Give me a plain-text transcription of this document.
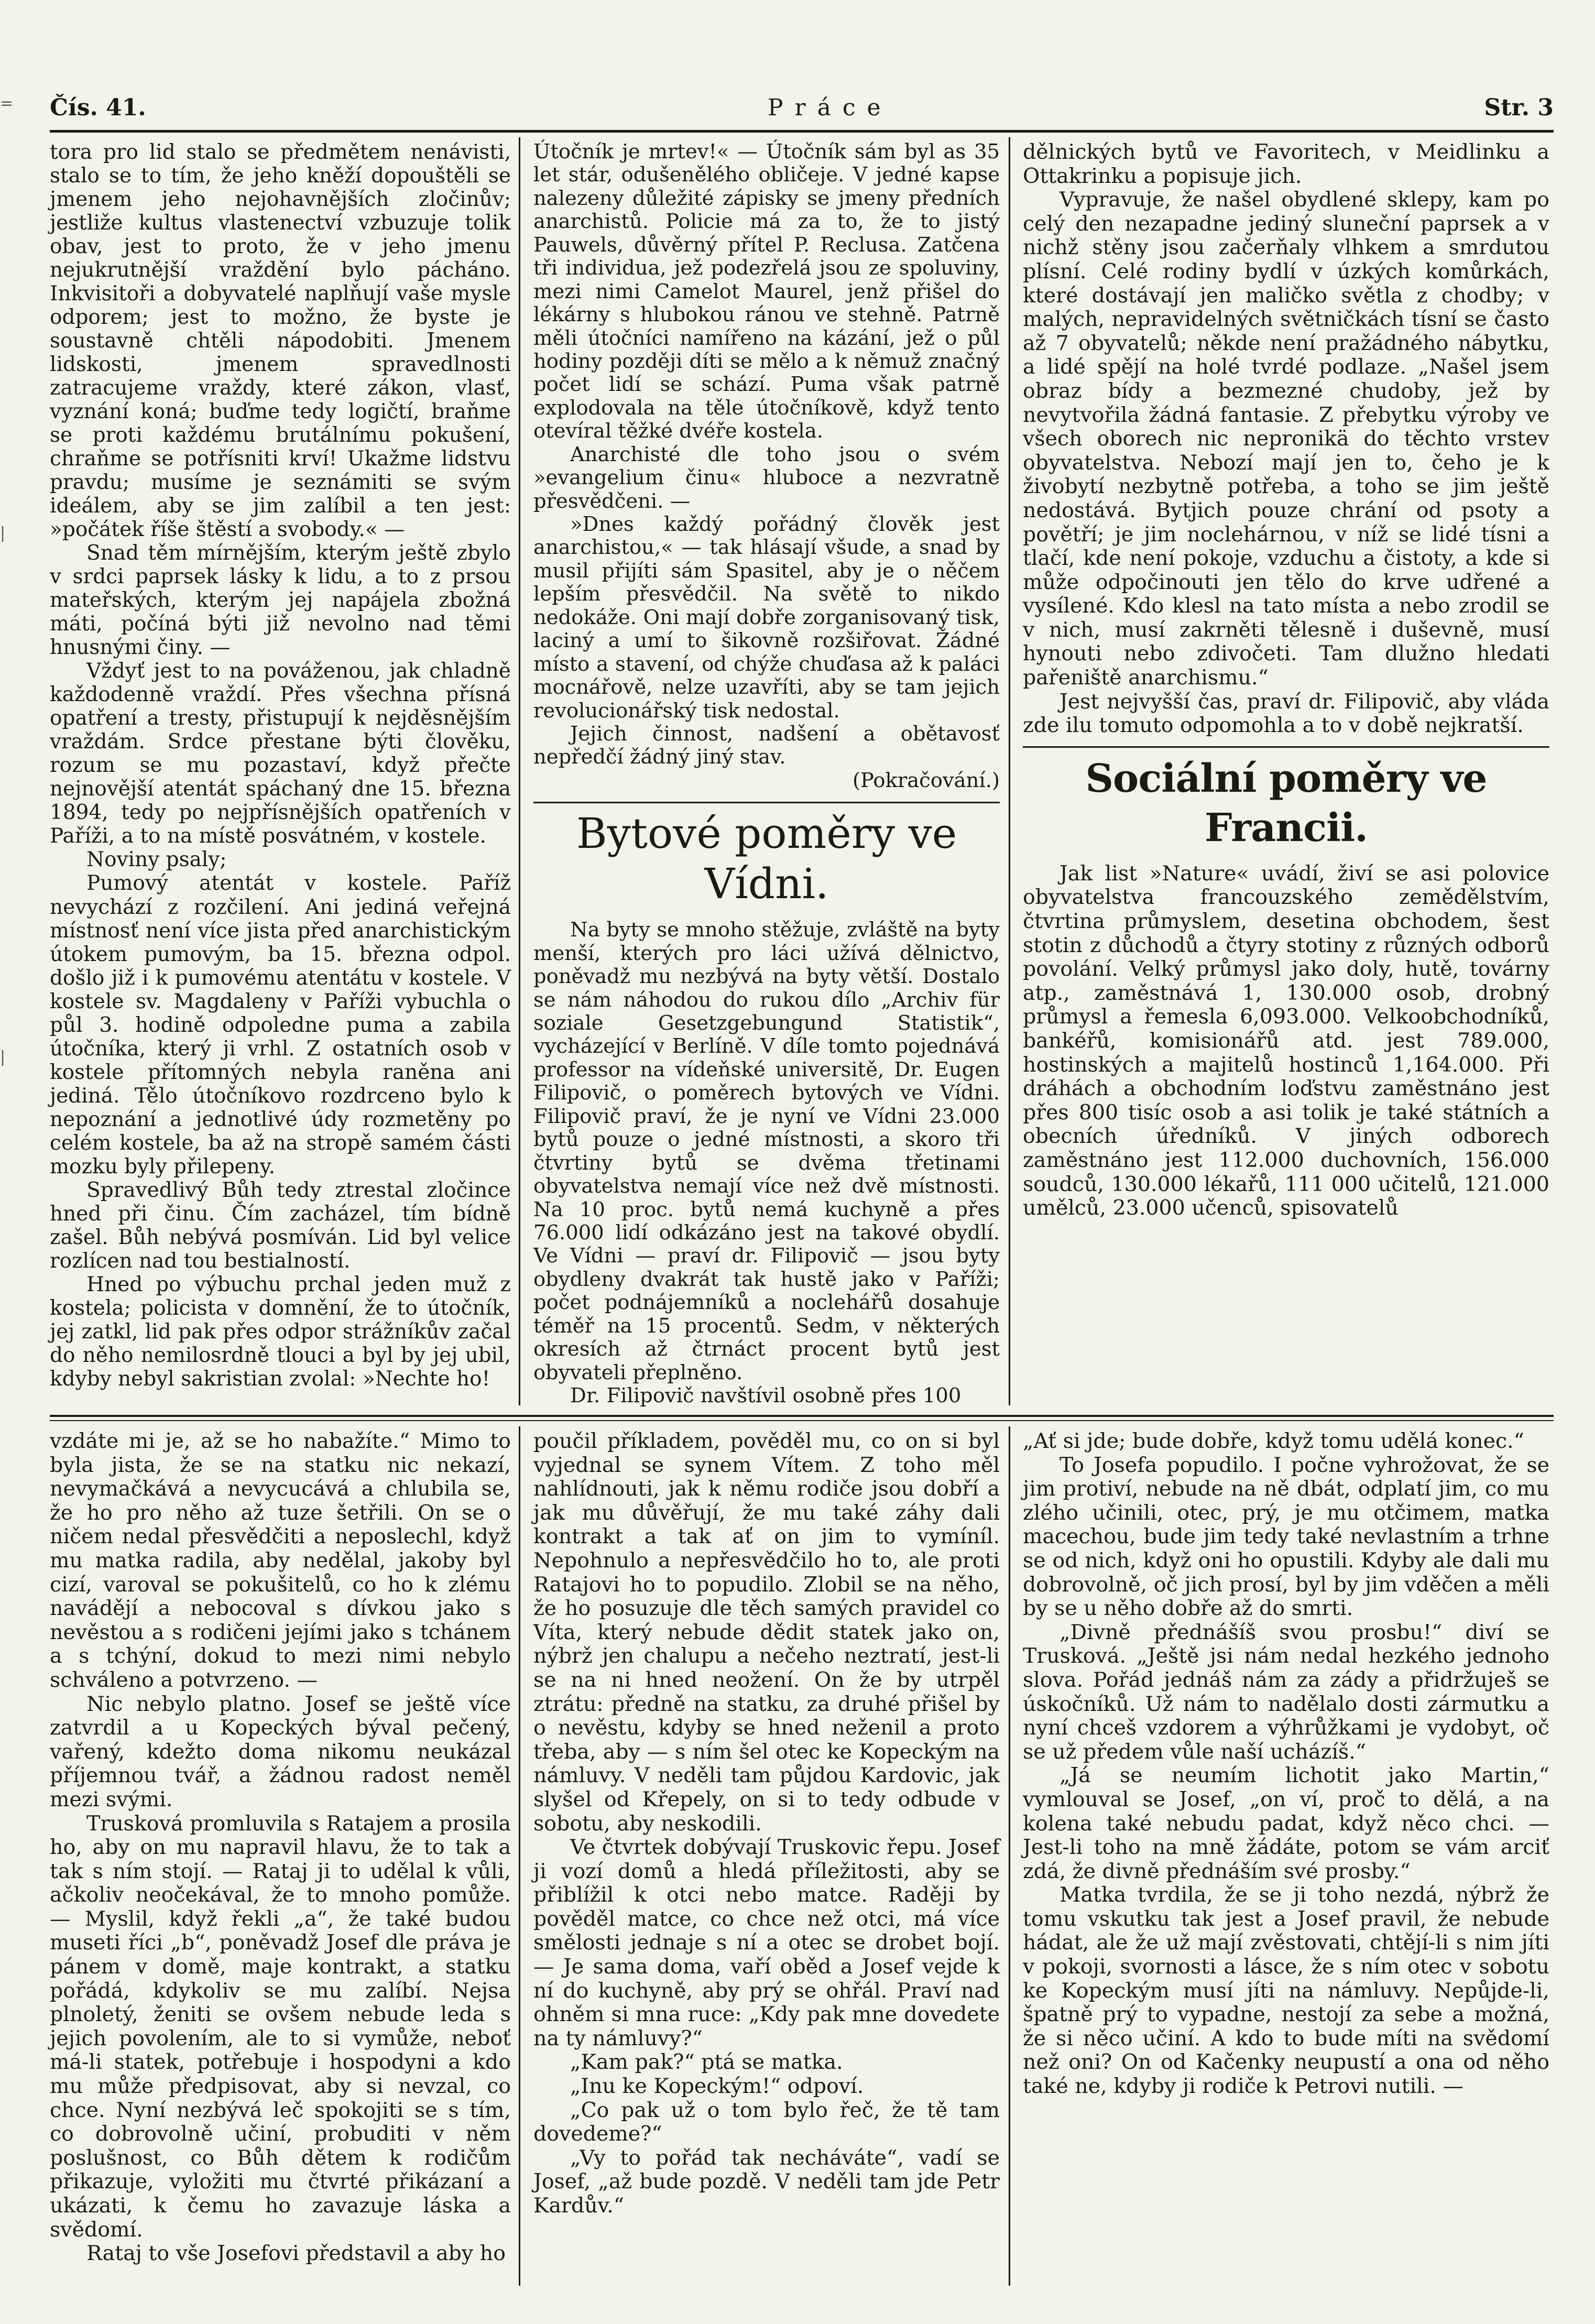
=
|
|
Čís. 41.	Práce	Str. 3

tora pro lid stalo se předmětem nenávisti, stalo se to tím, že jeho kněží dopouštěli se jmenem jeho nejohavnějších zločinův; jestliže kultus vlastenectví vzbuzuje tolik obav, jest to proto, že v jeho jmenu nejukrutnější vraždění bylo pácháno. Inkvisitoři a dobyvatelé naplňují vaše mysle odporem; jest to možno, že byste je soustavně chtěli nápodobiti. Jmenem lidskosti, jmenem spravedlnosti zatracujeme vraždy, které zákon, vlasť, vyznání koná; buďme tedy logičtí, braňme se proti každému brutálnímu pokušení, chraňme se potřísniti krví! Ukažme lidstvu pravdu; musíme je seznámiti se svým ideálem, aby se jim zalíbil a ten jest: »počátek říše štěstí a svobody.« —

Snad těm mírnějším, kterým ještě zbylo v srdci paprsek lásky k lidu, a to z prsou mateřských, kterým jej napájela zbožná máti, počíná býti již nevolno nad těmi hnusnými činy. —

Vždyť jest to na pováženou, jak chladně každodenně vraždí. Přes všechna přísná opatření a tresty, přistupují k nejděsnějším vraždám. Srdce přestane býti člověku, rozum se mu pozastaví, když přečte nejnovější atentát spáchaný dne 15. března 1894, tedy po nejpřísnějších opatřeních v Paříži, a to na místě posvátném, v kostele.

Noviny psaly;

Pumový atentát v kostele. Paříž nevychází z rozčilení. Ani jediná veřejná místnosť není více jista před anarchistickým útokem pumovým, ba 15. března odpol. došlo již i k pumovému atentátu v kostele. V kostele sv. Magdaleny v Paříži vybuchla o půl 3. hodině odpoledne puma a zabila útočníka, který ji vrhl. Z ostatních osob v kostele přítomných nebyla raněna ani jediná. Tělo útočníkovo rozdrceno bylo k nepoznání a jednotlivé údy rozmetěny po celém kostele, ba až na stropě samém části mozku byly přilepeny.

Spravedlivý Bůh tedy ztrestal zločince hned při činu. Čím zacházel, tím bídně zašel. Bůh nebývá posmíván. Lid byl velice rozlícen nad tou bestialností.

Hned po výbuchu prchal jeden muž z kostela; policista v domnění, že to útočník, jej zatkl, lid pak přes odpor strážníkův začal do něho nemilosrdně tlouci a byl by jej ubil, kdyby nebyl sakristian zvolal: »Nechte ho!

Útočník je mrtev!« — Útočník sám byl as 35 let stár, odušenělého obličeje. V jedné kapse nalezeny důležité zápisky se jmeny předních anarchistů. Policie má za to, že to jistý Pauwels, důvěrný přítel P. Reclusa. Zatčena tři individua, jež podezřelá jsou ze spoluviny, mezi nimi Camelot Maurel, jenž přišel do lékárny s hlubokou ránou ve stehně. Patrně měli útočníci namířeno na kázání, jež o půl hodiny později díti se mělo a k němuž značný počet lidí se schází. Puma však patrně explodovala na těle útočníkově, když tento otevíral těžké dvéře kostela.

Anarchisté dle toho jsou o svém »evangelium činu« hluboce a nezvratně přesvědčeni. —

»Dnes každý pořádný člověk jest anarchistou,« — tak hlásají všude, a snad by musil přijíti sám Spasitel, aby je o něčem lepším přesvědčil. Na světě to nikdo nedokáže. Oni mají dobře zorganisovaný tisk, laciný a umí to šikovně rozšiřovat. Žádné místo a stavení, od chýže chuďasa až k paláci mocnářově, nelze uzavříti, aby se tam jejich revolucionářský tisk nedostal.

Jejich činnost, nadšení a obětavosť nepředčí žádný jiný stav.

(Pokračování.)

Bytové poměry ve Vídni.

Na byty se mnoho stěžuje, zvláště na byty menší, kterých pro láci užívá dělnictvo, poněvadž mu nezbývá na byty větší. Dostalo se nám náhodou do rukou dílo „Archiv für soziale Gesetzgebungund Statistik“, vycházející v Berlíně. V díle tomto pojednává professor na vídeňské universitě, Dr. Eugen Filipovič, o poměrech bytových ve Vídni. Filipovič praví, že je nyní ve Vídni 23.000 bytů pouze o jedné místnosti, a skoro tři čtvrtiny bytů se dvěma třetinami obyvatelstva nemají více než dvě místnosti. Na 10 proc. bytů nemá kuchyně a přes 76.000 lidí odkázáno jest na takové obydlí. Ve Vídni — praví dr. Filipovič — jsou byty obydleny dvakrát tak hustě jako v Paříži; počet podnájemníků a noclehářů dosahuje téměř na 15 procentů. Sedm, v některých okresích až čtrnáct procent bytů jest obyvateli přeplněno.

Dr. Filipovič navštívil osobně přes 100

dělnických bytů ve Favoritech, v Meidlinku a Ottakrinku a popisuje jich.

Vypravuje, že našel obydlené sklepy, kam po celý den nezapadne jediný sluneční paprsek a v nichž stěny jsou začerňaly vlhkem a smrdutou plísní. Celé rodiny bydlí v úzkých komůrkách, které dostávají jen maličko světla z chodby; v malých, nepravidelných světničkách tísní se často až 7 obyvatelů; někde není pražádného nábytku, a lidé spějí na holé tvrdé podlaze. „Našel jsem obraz bídy a bezmezné chudoby, jež by nevytvořila žádná fantasie. Z přebytku výroby ve všech oborech nic nepronikä do těchto vrstev obyvatelstva. Nebozí mají jen to, čeho je k živobytí nezbytně potřeba, a toho se jim ještě nedostává. Bytjich pouze chrání od psoty a povětří; je jim noclehárnou, v níž se lidé tísni a tlačí, kde není pokoje, vzduchu a čistoty, a kde si může odpočinouti jen tělo do krve udřené a vysílené. Kdo klesl na tato místa a nebo zrodil se v nich, musí zakrněti tělesně i duševně, musí hynouti nebo zdivočeti. Tam dlužno hledati pařeniště anarchismu.“

Jest nejvyšší čas, praví dr. Filipovič, aby vláda zde ilu tomuto odpomohla a to v době nejkratší.

Sociální poměry ve Francii.

Jak list »Nature« uvádí, živí se asi polovice obyvatelstva francouzského zemědělstvím, čtvrtina průmyslem, desetina obchodem, šest stotin z důchodů a čtyry stotiny z různých odborů povolání. Velký průmysl jako doly, hutě, továrny atp., zaměstnává 1, 130.000 osob, drobný průmysl a řemesla 6,093.000. Velkoobchodníků, bankéřů, komisionářů atd. jest 789.000, hostinských a majitelů hostinců 1,164.000. Při dráhách a obchodním loďstvu zaměstnáno jest přes 800 tisíc osob a asi tolik je také státních a obecních úředníků. V jiných odborech zaměstnáno jest 112.000 duchovních, 156.000 soudců, 130.000 lékařů, 111 000 učitelů, 121.000 umělců, 23.000 učenců, spisovatelů

vzdáte mi je, až se ho nabažíte.“ Mimo to byla jista, že se na statku nic nekazí, nevymačkává a nevycucává a chlubila se, že ho pro něho až tuze šetřili. On se o ničem nedal přesvědčiti a neposlechl, když mu matka radila, aby nedělal, jakoby byl cizí, varoval se pokušitelů, co ho k zlému navádějí a nebocoval s dívkou jako s nevěstou a s rodičeni jejími jako s tchánem a s tchýní, dokud to mezi nimi nebylo schváleno a potvrzeno. —

Nic nebylo platno. Josef se ještě více zatvrdil a u Kopeckých býval pečený, vařený, kdežto doma nikomu neukázal příjemnou tvář, a žádnou radost neměl mezi svými.

Trusková promluvila s Ratajem a prosila ho, aby on mu napravil hlavu, že to tak a tak s ním stojí. — Rataj ji to udělal k vůli, ačkoliv neočekával, že to mnoho pomůže. — Myslil, když řekli „a“, že také budou museti říci „b“, poněvadž Josef dle práva je pánem v domě, maje kontrakt, a statku pořádá, kdykoliv se mu zalíbí. Nejsa plnoletý, ženiti se ovšem nebude leda s jejich povolením, ale to si vymůže, neboť má-li statek, potřebuje i hospodyni a kdo mu může předpisovat, aby si nevzal, co chce. Nyní nezbývá leč spokojiti se s tím, co dobrovolně učiní, probuditi v něm poslušnost, co Bůh dětem k rodičům přikazuje, vyložiti mu čtvrté přikázaní a ukázati, k čemu ho zavazuje láska a svědomí.

Rataj to vše Josefovi představil a aby ho

poučil příkladem, pověděl mu, co on si byl vyjednal se synem Vítem. Z toho měl nahlídnouti, jak k němu rodiče jsou dobří a jak mu důvěřují, že mu také záhy dali kontrakt a tak ať on jim to vymíníl. Nepohnulo a nepřesvědčilo ho to, ale proti Ratajovi ho to popudilo. Zlobil se na něho, že ho posuzuje dle těch samých pravidel co Víta, který nebude dědit statek jako on, nýbrž jen chalupu a nečeho neztratí, jest-li se na ni hned neožení. On že by utrpěl ztrátu: předně na statku, za druhé přišel by o nevěstu, kdyby se hned neženil a proto třeba, aby — s ním šel otec ke Kopeckým na námluvy. V neděli tam půjdou Kardovic, jak slyšel od Křepely, on si to tedy odbude v sobotu, aby neskodili.

Ve čtvrtek dobývají Truskovic řepu. Josef ji vozí domů a hledá příležitosti, aby se přiblížil k otci nebo matce. Raději by pověděl matce, co chce než otci, má více smělosti jednaje s ní a otec se drobet bojí. — Je sama doma, vaří oběd a Josef vejde k ní do kuchyně, aby prý se ohřál. Praví nad ohněm si mna ruce: „Kdy pak mne dovedete na ty námluvy?“

„Kam pak?“ ptá se matka.

„Inu ke Kopeckým!“ odpoví.

„Co pak už o tom bylo řeč, že tě tam dovedeme?“

„Vy to pořád tak necháváte“, vadí se Josef, „až bude pozdě. V neděli tam jde Petr Kardův.“

„Ať si jde; bude dobře, když tomu udělá konec.“

To Josefa popudilo. I počne vyhrožovat, že se jim protiví, nebude na ně dbát, odplatí jim, co mu zlého učinili, otec, prý, je mu otčimem, matka macechou, bude jim tedy také nevlastním a trhne se od nich, když oni ho opustili. Kdyby ale dali mu dobrovolně, oč jich prosí, byl by jim vděčen a měli by se u něho dobře až do smrti.

„Divně přednášíš svou prosbu!“ diví se Trusková. „Ještě jsi nám nedal hezkého jednoho slova. Pořád jednáš nám za zády a přidržuješ se úskočníků. Už nám to nadělalo dosti zármutku a nyní chceš vzdorem a výhrůžkami je vydobyt, oč se už předem vůle naší ucházíš.“

„Já se neumím lichotit jako Martin,“ vymlouval se Josef, „on ví, proč to dělá, a na kolena také nebudu padat, když něco chci. — Jest-li toho na mně žádáte, potom se vám arciť zdá, že divně přednáším své prosby.“

Matka tvrdila, že se ji toho nezdá, nýbrž že tomu vskutku tak jest a Josef pravil, že nebude hádat, ale že už mají zvěstovati, chtějí-li s nim jíti v pokoji, svornosti a lásce, že s ním otec v sobotu ke Kopeckým musí jíti na námluvy. Nepůjde-li, špatně prý to vypadne, nestojí za sebe a možná, že si něco učiní. A kdo to bude míti na svědomí než oni? On od Kačenky neupustí a ona od něho také ne, kdyby ji rodiče k Petrovi nutili. —
